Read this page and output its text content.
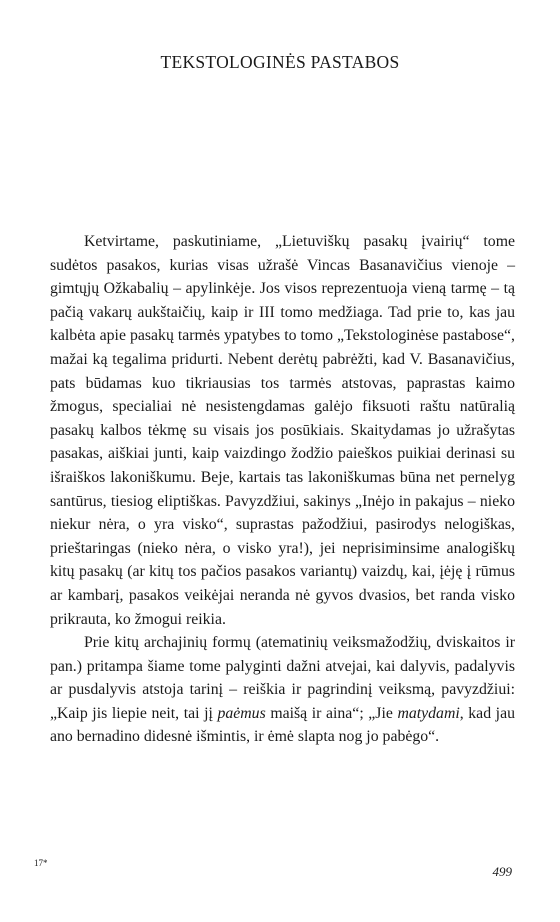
TEKSTOLOGINĖS PASTABOS

Ketvirtame, paskutiniame, „Lietuviškų pasakų įvairių“ tome sudėtos pasakos, kurias visas užrašė Vincas Basanavičius vienoje – gimtųjų Ožkabalių – apylinkėje. Jos visos reprezentuoja vieną tarmę – tą pačią vakarų aukštaičių, kaip ir III tomo medžiaga. Tad prie to, kas jau kalbėta apie pasakų tarmės ypatybes to tomo „Tekstologinėse pastabose“, mažai ką tegalima pridurti. Nebent derėtų pabrėžti, kad V. Basanavičius, pats būdamas kuo tikriausias tos tarmės atstovas, paprastas kaimo žmogus, specialiai nė nesistengdamas galėjo fiksuoti raštu natūralią pasakų kalbos tėkmę su visais jos posūkiais. Skaitydamas jo užrašytas pasakas, aiškiai junti, kaip vaizdingo žodžio paieškos puikiai derinasi su išraiškos lakoniškumu. Beje, kartais tas lakoniškumas būna net pernelyg santūrus, tiesiog eliptiškas. Pavyzdžiui, sakinys „Inėjo in pakajus – nieko niekur nėra, o yra visko“, suprastas pažodžiui, pasirodys nelogiškas, prieštaringas (nieko nėra, o visko yra!), jei neprisiminsime analogiškų kitų pasakų (ar kitų tos pačios pasakos variantų) vaizdų, kai, įėję į rūmus ar kambarį, pasakos veikėjai neranda nė gyvos dvasios, bet randa visko prikrauta, ko žmogui reikia.

Prie kitų archajinių formų (atematinių veiksmažodžių, dviskaitos ir pan.) pritampa šiame tome palyginti dažni atvejai, kai dalyvis, padalyvis ar pusdalyvis atstoja tarinį – reiškia ir pagrindinį veiksmą, pavyzdžiui: „Kaip jis liepie neit, tai jį paėmus maišą ir aina“; „Jie matydami, kad jau ano bernadino didesnė išmintis, ir ėmė slapta nog jo pabėgo“.

17*
499
